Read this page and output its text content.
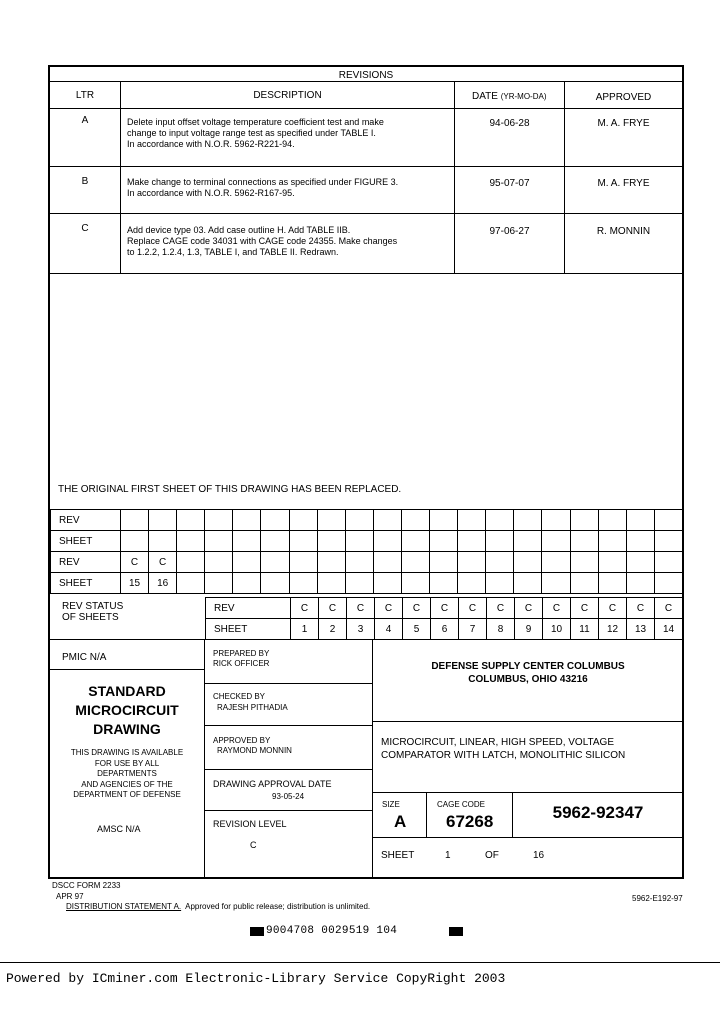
REVISIONS
LTR	DESCRIPTION	DATE (YR-MO-DA)	APPROVED
A	Delete input offset voltage temperature coefficient test and make
change to input voltage range test as specified under TABLE I.
In accordance with N.O.R. 5962-R221-94.
94-06-28	M. A. FRYE
B	Make change to terminal connections as specified under FIGURE 3.
In accordance with N.O.R. 5962-R167-95.
95-07-07	M. A. FRYE
C	Add device type 03. Add case outline H. Add TABLE IIB.
Replace CAGE code 34031 with CAGE code 24355. Make changes
to 1.2.2, 1.2.4, 1.3, TABLE I, and TABLE II. Redrawn.
97-06-27	R. MONNIN
THE ORIGINAL FIRST SHEET OF THIS DRAWING HAS BEEN REPLACED.
REV																				
SHEET																				
REV	C	C																		
SHEET	15	16																		
REV STATUS
OF SHEETS
REV	C	C	C	C	C	C	C	C	C	C	C	C	C	C
SHEET	1	2	3	4	5	6	7	8	9	10	11	12	13	14
PMIC N/A
STANDARD
MICROCIRCUIT
DRAWING
THIS DRAWING IS AVAILABLE
FOR USE BY ALL
DEPARTMENTS
AND AGENCIES OF THE
DEPARTMENT OF DEFENSE
AMSC N/A
PREPARED BY
RICK OFFICER
CHECKED BY
RAJESH PITHADIA
APPROVED BY
RAYMOND MONNIN
DRAWING APPROVAL DATE
93-05-24
REVISION LEVEL
C
DEFENSE SUPPLY CENTER COLUMBUS
COLUMBUS, OHIO 43216
MICROCIRCUIT, LINEAR, HIGH SPEED, VOLTAGE
COMPARATOR WITH LATCH, MONOLITHIC SILICON
SIZE
A
CAGE CODE
67268	5962-92347
SHEET	1	OF	16
DSCC FORM 2233
APR 97
DISTRIBUTION STATEMENT A. Approved for public release; distribution is unlimited.
5962-E192-97
9004708 0029519 104
Powered by ICminer.com Electronic-Library Service CopyRight 2003
